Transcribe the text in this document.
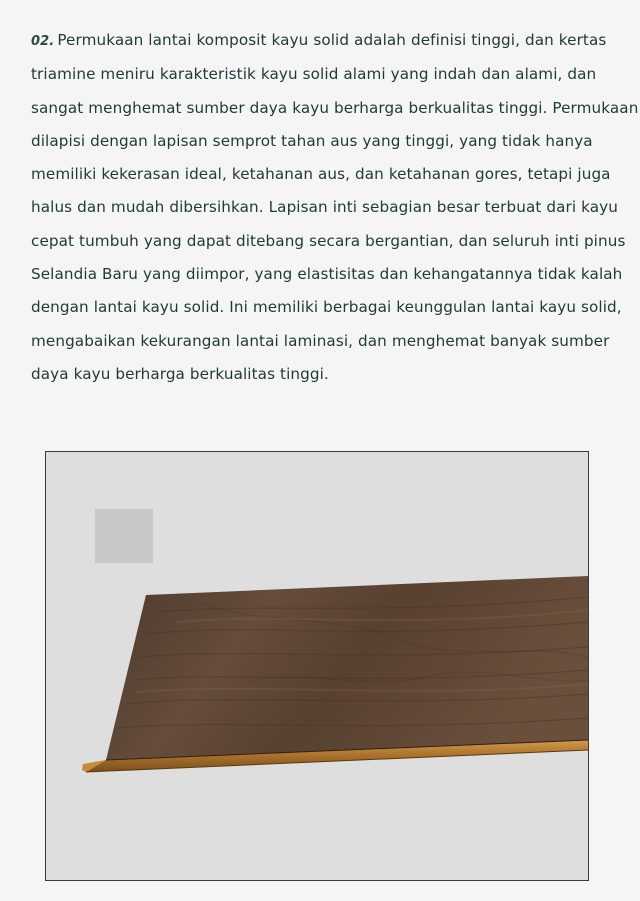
02. Permukaan lantai komposit kayu solid adalah definisi tinggi, dan kertas
triamine meniru karakteristik kayu solid alami yang indah dan alami, dan
sangat menghemat sumber daya kayu berharga berkualitas tinggi. Permukaan
dilapisi dengan lapisan semprot tahan aus yang tinggi, yang tidak hanya
memiliki kekerasan ideal, ketahanan aus, dan ketahanan gores, tetapi juga
halus dan mudah dibersihkan. Lapisan inti sebagian besar terbuat dari kayu
cepat tumbuh yang dapat ditebang secara bergantian, dan seluruh inti pinus
Selandia Baru yang diimpor, yang elastisitas dan kehangatannya tidak kalah
dengan lantai kayu solid. Ini memiliki berbagai keunggulan lantai kayu solid,
mengabaikan kekurangan lantai laminasi, dan menghemat banyak sumber
daya kayu berharga berkualitas tinggi.
